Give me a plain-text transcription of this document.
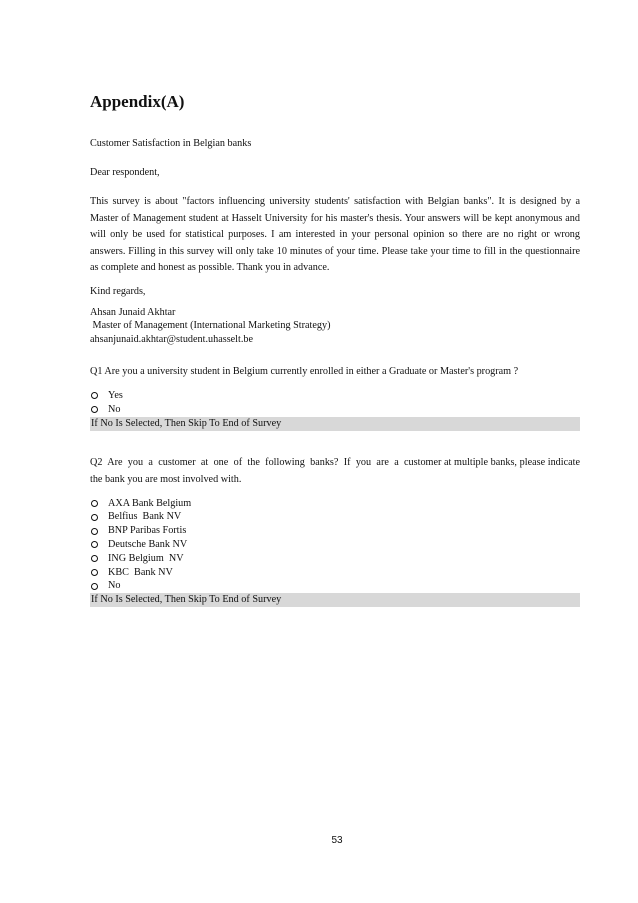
Appendix(A)

Customer Satisfaction in Belgian banks

Dear respondent,

This survey is about "factors influencing university students' satisfaction with Belgian banks". It is designed by a Master of Management student at Hasselt University for his master's thesis. Your answers will be kept anonymous and will only be used for statistical purposes. I am interested in your personal opinion so there are no right or wrong answers. Filling in this survey will only take 10 minutes of your time. Please take your time to fill in the questionnaire as complete and honest as possible. Thank you in advance.

Kind regards,

Ahsan Junaid Akhtar
Master of Management (International Marketing Strategy)
ahsanjunaid.akhtar@student.uhasselt.be

Q1 Are you a university student in Belgium currently enrolled in either a Graduate or Master's program ?

Yes
No
If No Is Selected, Then Skip To End of Survey

Q2  Are  you  a  customer  at  one  of  the  following  banks?  If  you  are  a  customer at multiple banks, please indicate the bank you are most involved with.

AXA Bank Belgium
Belfius  Bank NV
BNP Paribas Fortis
Deutsche Bank NV
ING Belgium  NV
KBC  Bank NV
No
If No Is Selected, Then Skip To End of Survey
53
